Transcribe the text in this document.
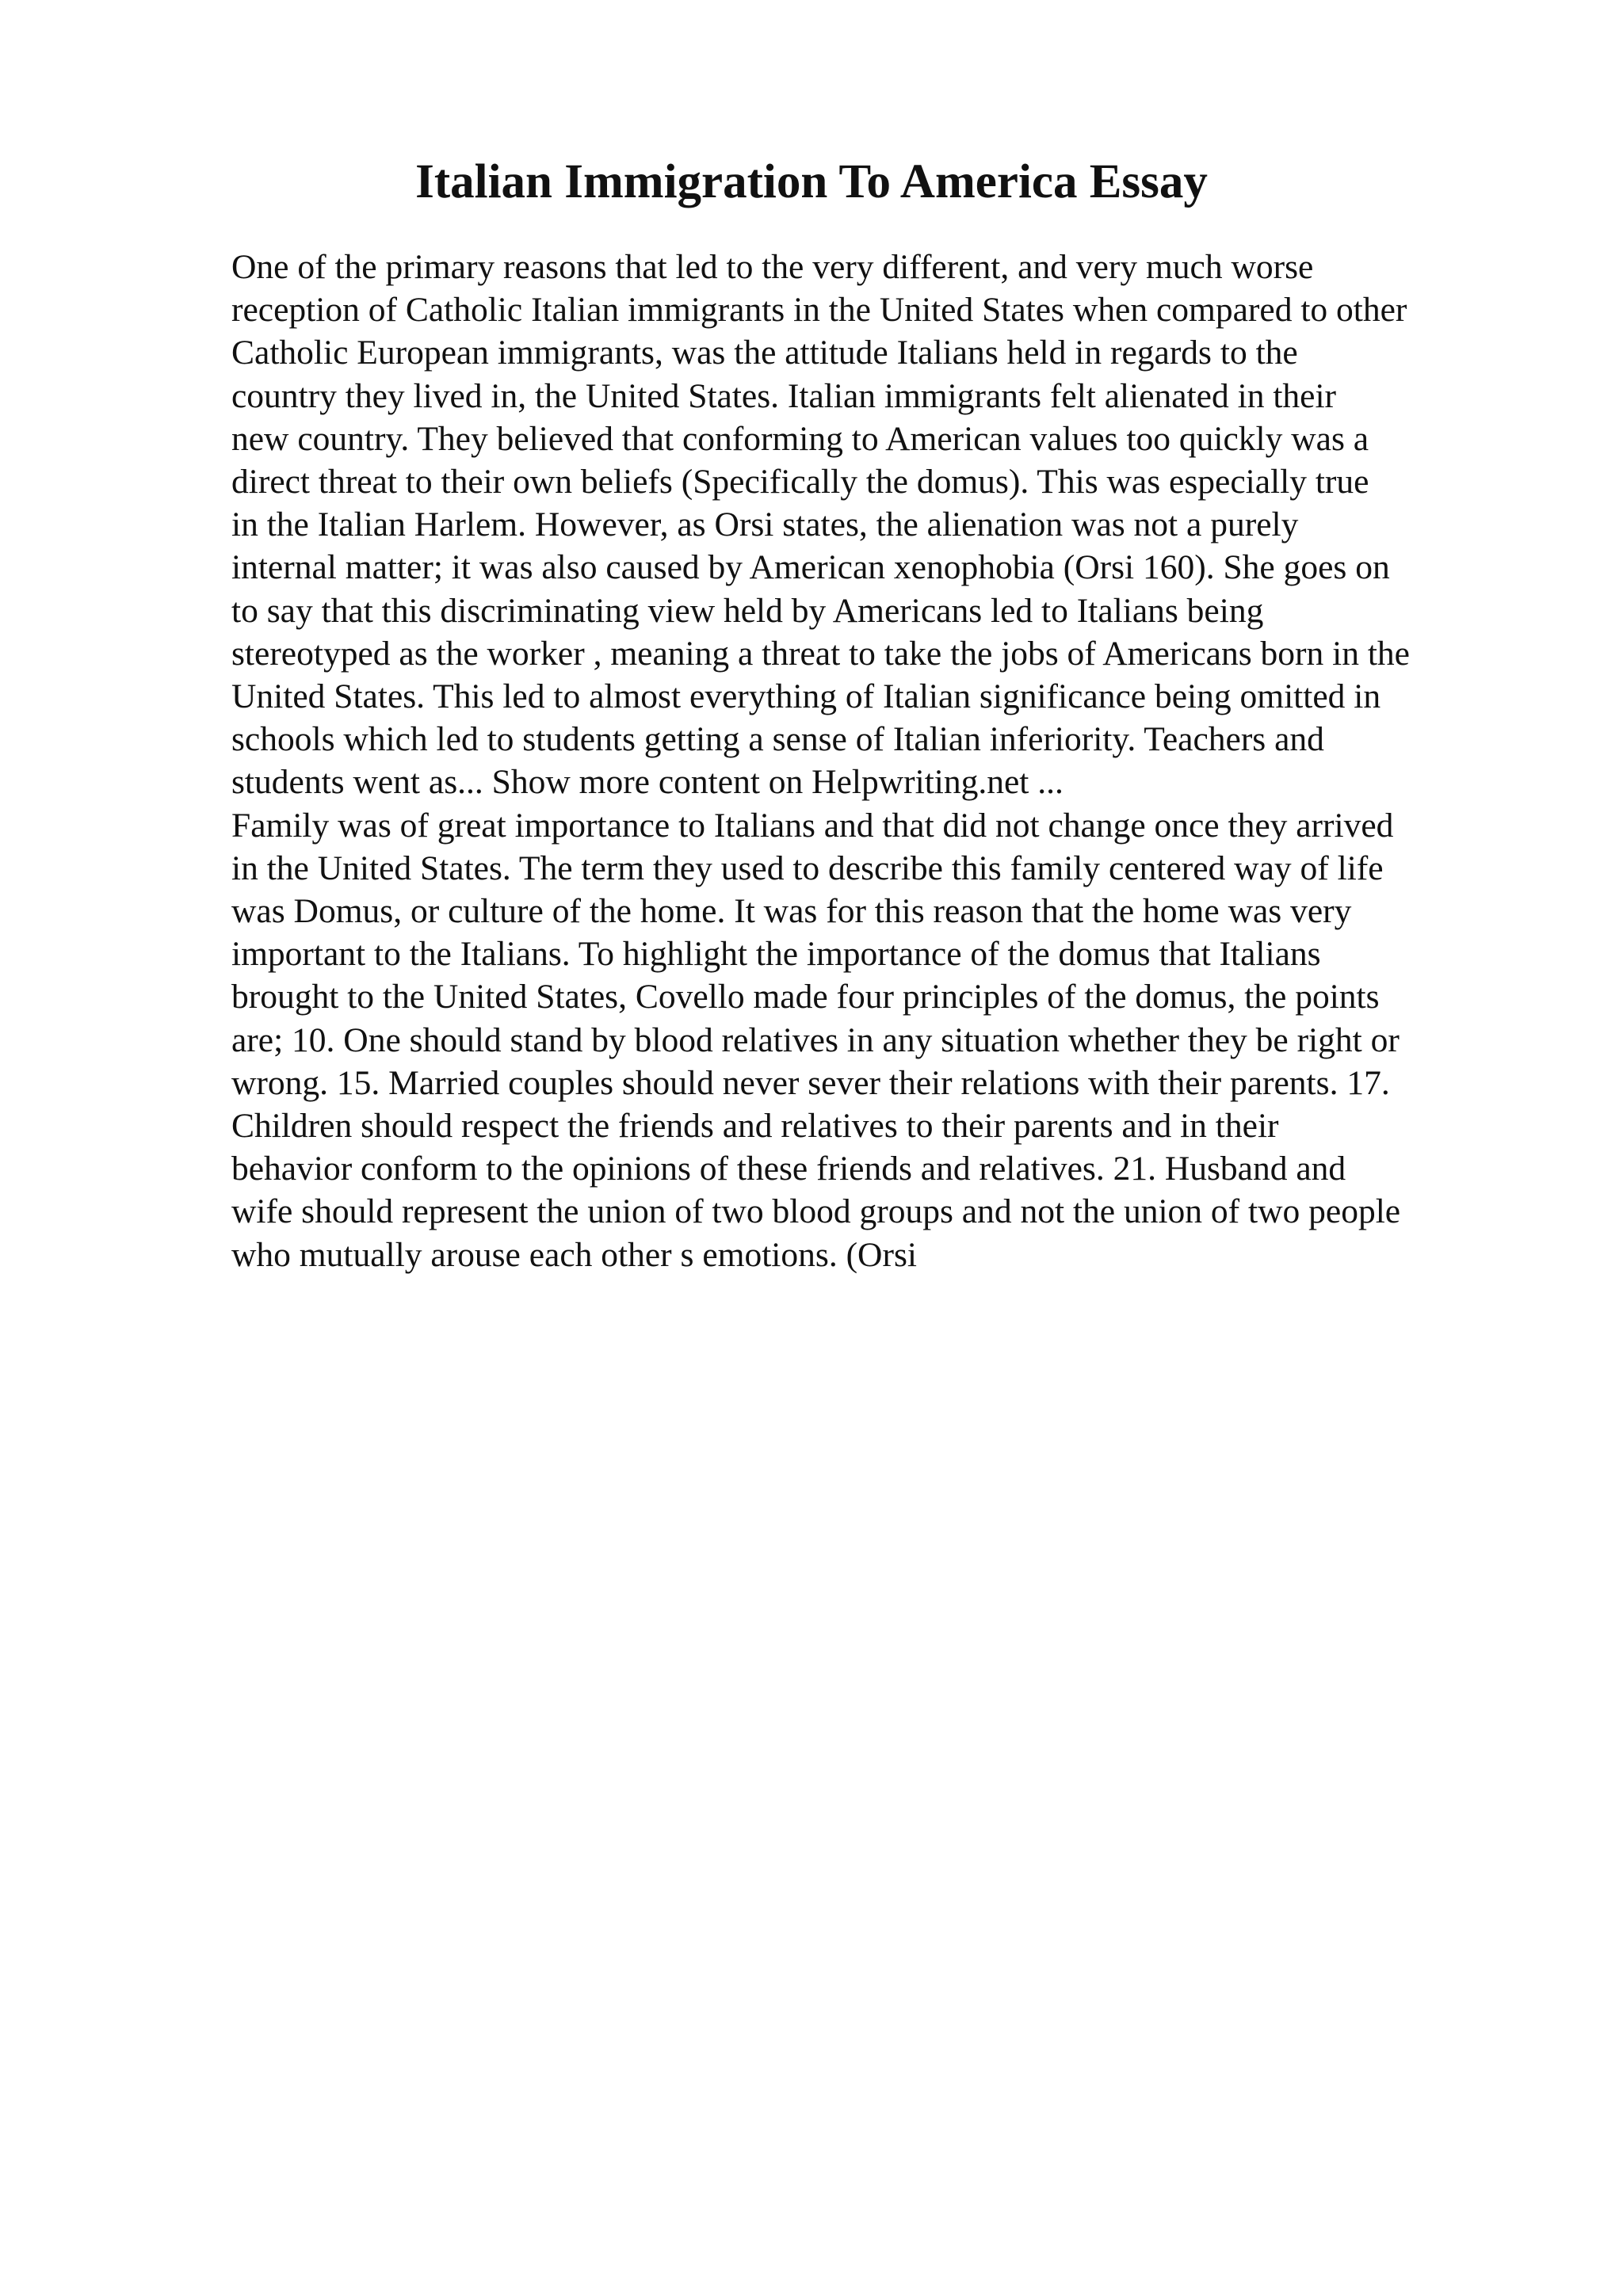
Italian Immigration To America Essay
One of the primary reasons that led to the very different, and very much worse
reception of Catholic Italian immigrants in the United States when compared to other
Catholic European immigrants, was the attitude Italians held in regards to the
country they lived in, the United States. Italian immigrants felt alienated in their
new country. They believed that conforming to American values too quickly was a
direct threat to their own beliefs (Specifically the domus). This was especially true
in the Italian Harlem. However, as Orsi states, the alienation was not a purely
internal matter; it was also caused by American xenophobia (Orsi 160). She goes on
to say that this discriminating view held by Americans led to Italians being
stereotyped as the worker , meaning a threat to take the jobs of Americans born in the
United States. This led to almost everything of Italian significance being omitted in
schools which led to students getting a sense of Italian inferiority. Teachers and
students went as... Show more content on Helpwriting.net ...
Family was of great importance to Italians and that did not change once they arrived
in the United States. The term they used to describe this family centered way of life
was Domus, or culture of the home. It was for this reason that the home was very
important to the Italians. To highlight the importance of the domus that Italians
brought to the United States, Covello made four principles of the domus, the points
are; 10. One should stand by blood relatives in any situation whether they be right or
wrong. 15. Married couples should never sever their relations with their parents. 17.
Children should respect the friends and relatives to their parents and in their
behavior conform to the opinions of these friends and relatives. 21. Husband and
wife should represent the union of two blood groups and not the union of two people
who mutually arouse each other s emotions. (Orsi
